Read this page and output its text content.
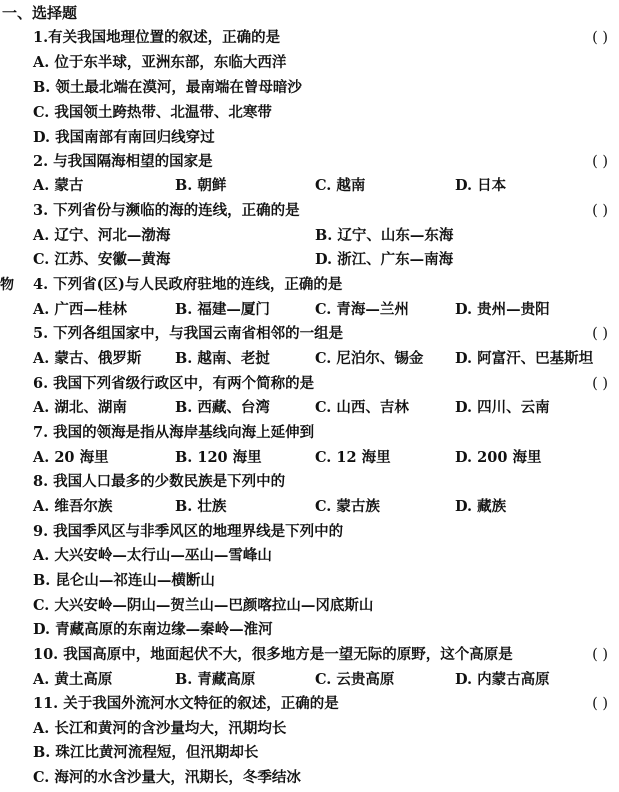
一、选择题
物
1.有关我国地理位置的叙述，正确的是	( )
A. 位于东半球，亚洲东部，东临大西洋
B. 领土最北端在漠河，最南端在曾母暗沙
C. 我国领土跨热带、北温带、北寒带
D. 我国南部有南回归线穿过
2. 与我国隔海相望的国家是	( )
A. 蒙古	B. 朝鲜	C. 越南	D. 日本
3. 下列省份与濒临的海的连线，正确的是	( )
A. 辽宁、河北—渤海	B. 辽宁、山东—东海
C. 江苏、安徽—黄海	D. 浙江、广东—南海
4. 下列省(区)与人民政府驻地的连线，正确的是
A. 广西—桂林	B. 福建—厦门	C. 青海—兰州	D. 贵州—贵阳
5. 下列各组国家中，与我国云南省相邻的一组是	( )
A. 蒙古、俄罗斯 B. 越南、老挝	C. 尼泊尔、锡金 D. 阿富汗、巴基斯坦
6. 我国下列省级行政区中，有两个简称的是	( )
A. 湖北、湖南	B. 西藏、台湾	C. 山西、吉林	D. 四川、云南
7. 我国的领海是指从海岸基线向海上延伸到
A. 20 海里	B. 120 海里	C. 12 海里	D. 200 海里
8. 我国人口最多的少数民族是下列中的
A. 维吾尔族	B. 壮族	C. 蒙古族	D. 藏族
9. 我国季风区与非季风区的地理界线是下列中的
A. 大兴安岭—太行山—巫山—雪峰山
B. 昆仑山—祁连山—横断山
C. 大兴安岭—阴山—贺兰山—巴颜喀拉山—冈底斯山
D. 青藏高原的东南边缘—秦岭—淮河
10. 我国高原中，地面起伏不大，很多地方是一望无际的原野，这个高原是	( )
A. 黄土高原	B. 青藏高原	C. 云贵高原	D. 内蒙古高原
11. 关于我国外流河水文特征的叙述，正确的是	( )
A. 长江和黄河的含沙量均大，汛期均长
B. 珠江比黄河流程短，但汛期却长
C. 海河的水含沙量大，汛期长，冬季结冰
